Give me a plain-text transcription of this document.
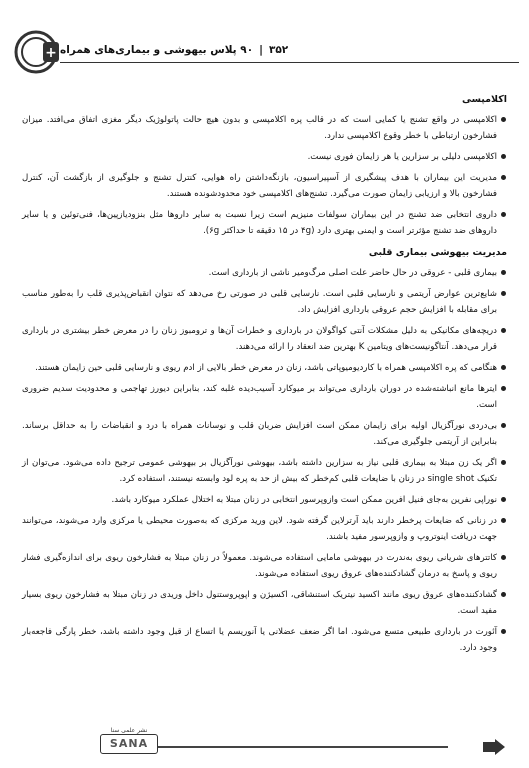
+	۳۵۲
|
۹۰ پلاس بیهوشی و بیماری‌های همراه
اکلامپسی
اکلامپسی در واقع تشنج یا کمایی است که در قالب پره اکلامپسی و بدون هیچ حالت پاتولوژیک دیگر مغزی اتفاق می‌افتد. میزان فشارخون ارتباطی با خطر وقوع اکلامپسی ندارد.
اکلامپسی دلیلی بر سزارین یا هر زایمان فوری نیست.
مدیریت این بیماران با هدف پیشگیری از آسپیراسیون، بازنگه‌داشتن راه هوایی، کنترل تشنج و جلوگیری از بازگشت آن، کنترل فشارخون بالا و ارزیابی زایمان صورت می‌گیرد. تشنج‌های اکلامپسی خود محدود‌شونده هستند.
داروی انتخابی ضد تشنج در این بیماران سولفات منیزیم است زیرا نسبت به سایر داروها مثل بنزودیازپین‌ها، فنی‌توئین و یا سایر داروهای ضد تشنج مؤثرتر است و ایمنی بهتری دارد (۴g در ۱۵ دقیقه تا حداکثر ۶g).
مدیریت بیهوشی بیماری قلبی
بیماری قلبی - عروقی در حال حاضر علت اصلی مرگ‌ومیر ناشی از بارداری است.
شایع‌ترین عوارض آریتمی و نارسایی قلبی است. نارسایی قلبی در صورتی رخ می‌دهد که نتوان انقباض‌پذیری قلب را به‌طور مناسب برای مقابله با افزایش حجم عروقی بارداری افزایش داد.
دریچه‌های مکانیکی به دلیل مشکلات آنتی کواگولان در بارداری و خطرات آن‌ها و ترومبوز زنان را در معرض خطر بیشتری در بارداری قرار می‌دهد. آنتاگونیست‌های ویتامین K بهترین ضد انعقاد را ارائه می‌دهند.
هنگامی که پره اکلامپسی همراه با کاردیومیوپاتی باشد، زنان در معرض خطر بالایی از ادم ریوی و نارسایی قلبی حین زایمان هستند.
ایترها مانع انباشته‌شده در دوران بارداری می‌تواند بر میوکارد آسیب‌دیده غلبه کند، بنابراین دیورز تهاجمی و محدودیت سدیم ضروری است.
بی‌دردی نورآگزیال اولیه برای زایمان ممکن است افزایش ضربان قلب و نوسانات همراه با درد و انقباضات را به حداقل برساند. بنابراین از آریتمی جلوگیری می‌کند.
اگر یک زن مبتلا به بیماری قلبی نیاز به سزارین داشته باشد، بیهوشی نورآگزیال بر بیهوشی عمومی ترجیح داده می‌شود. می‌توان از تکنیک single shot در زنان با ضایعات قلبی کم‌خطر که بیش از حد به پره لود وابسته نیستند، استفاده کرد.
نوراپی نفرین به‌جای فنیل افرین ممکن است وازوپرسور انتخابی در زنان مبتلا به اختلال عملکرد میوکارد باشد.
در زنانی که ضایعات پرخطر دارند باید آرترلاین گرفته شود. لاین ورید مرکزی که به‌صورت محیطی یا مرکزی وارد می‌شوند، می‌توانند جهت دریافت اینوتروپ و وازوپرسور مفید باشند.
کاتترهای شریانی ریوی به‌ندرت در بیهوشی مامایی استفاده می‌شوند. معمولاً در زنان مبتلا به فشارخون ریوی برای اندازه‌گیری فشار ریوی و پاسخ به درمان گشادکننده‌های عروق ریوی استفاده می‌شوند.
گشادکننده‌های عروق ریوی مانند اکسید نیتریک استنشاقی، اکسیژن و اپوپروستنول داخل وریدی در زنان مبتلا به فشارخون ریوی بسیار مفید است.
آئورت در بارداری طبیعی متسع می‌شود. اما اگر ضعف عضلانی یا آنوریسم یا اتساع از قبل وجود داشته باشد، خطر پارگی فاجعه‌بار وجود دارد.
نشر علمی سنا
SANA
